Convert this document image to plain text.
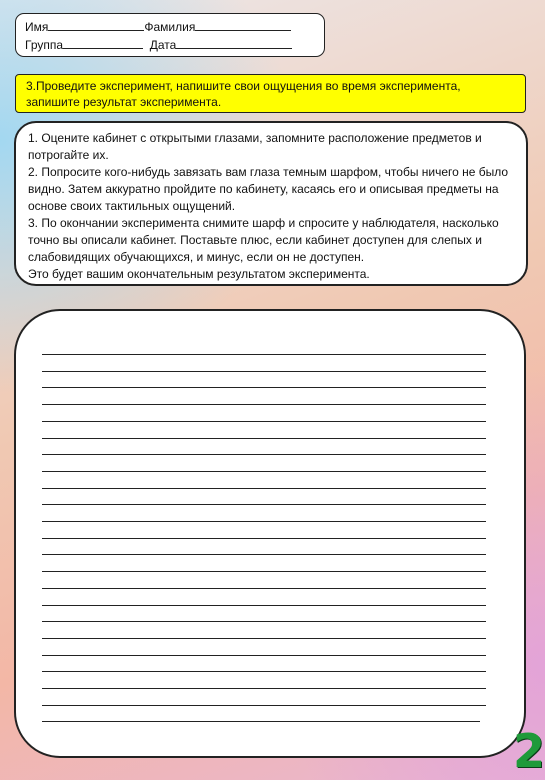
Имя	Фамилия
Группа	Дата
3.Проведите эксперимент, напишите свои ощущения во время эксперимента, запишите результат эксперимента.

1. Оцените кабинет с открытыми глазами, запомните расположение предметов и потрогайте их.

2. Попросите кого-нибудь завязать вам глаза темным шарфом, чтобы ничего не было видно. Затем аккуратно пройдите по кабинету, касаясь его и описывая предметы на основе своих тактильных ощущений.

3. По окончании эксперимента снимите шарф и спросите у наблюдателя, насколько точно вы описали кабинет. Поставьте плюс, если кабинет доступен для слепых и слабовидящих обучающихся, и минус, если он не доступен.

Это будет вашим окончательным результатом эксперимента.

2
